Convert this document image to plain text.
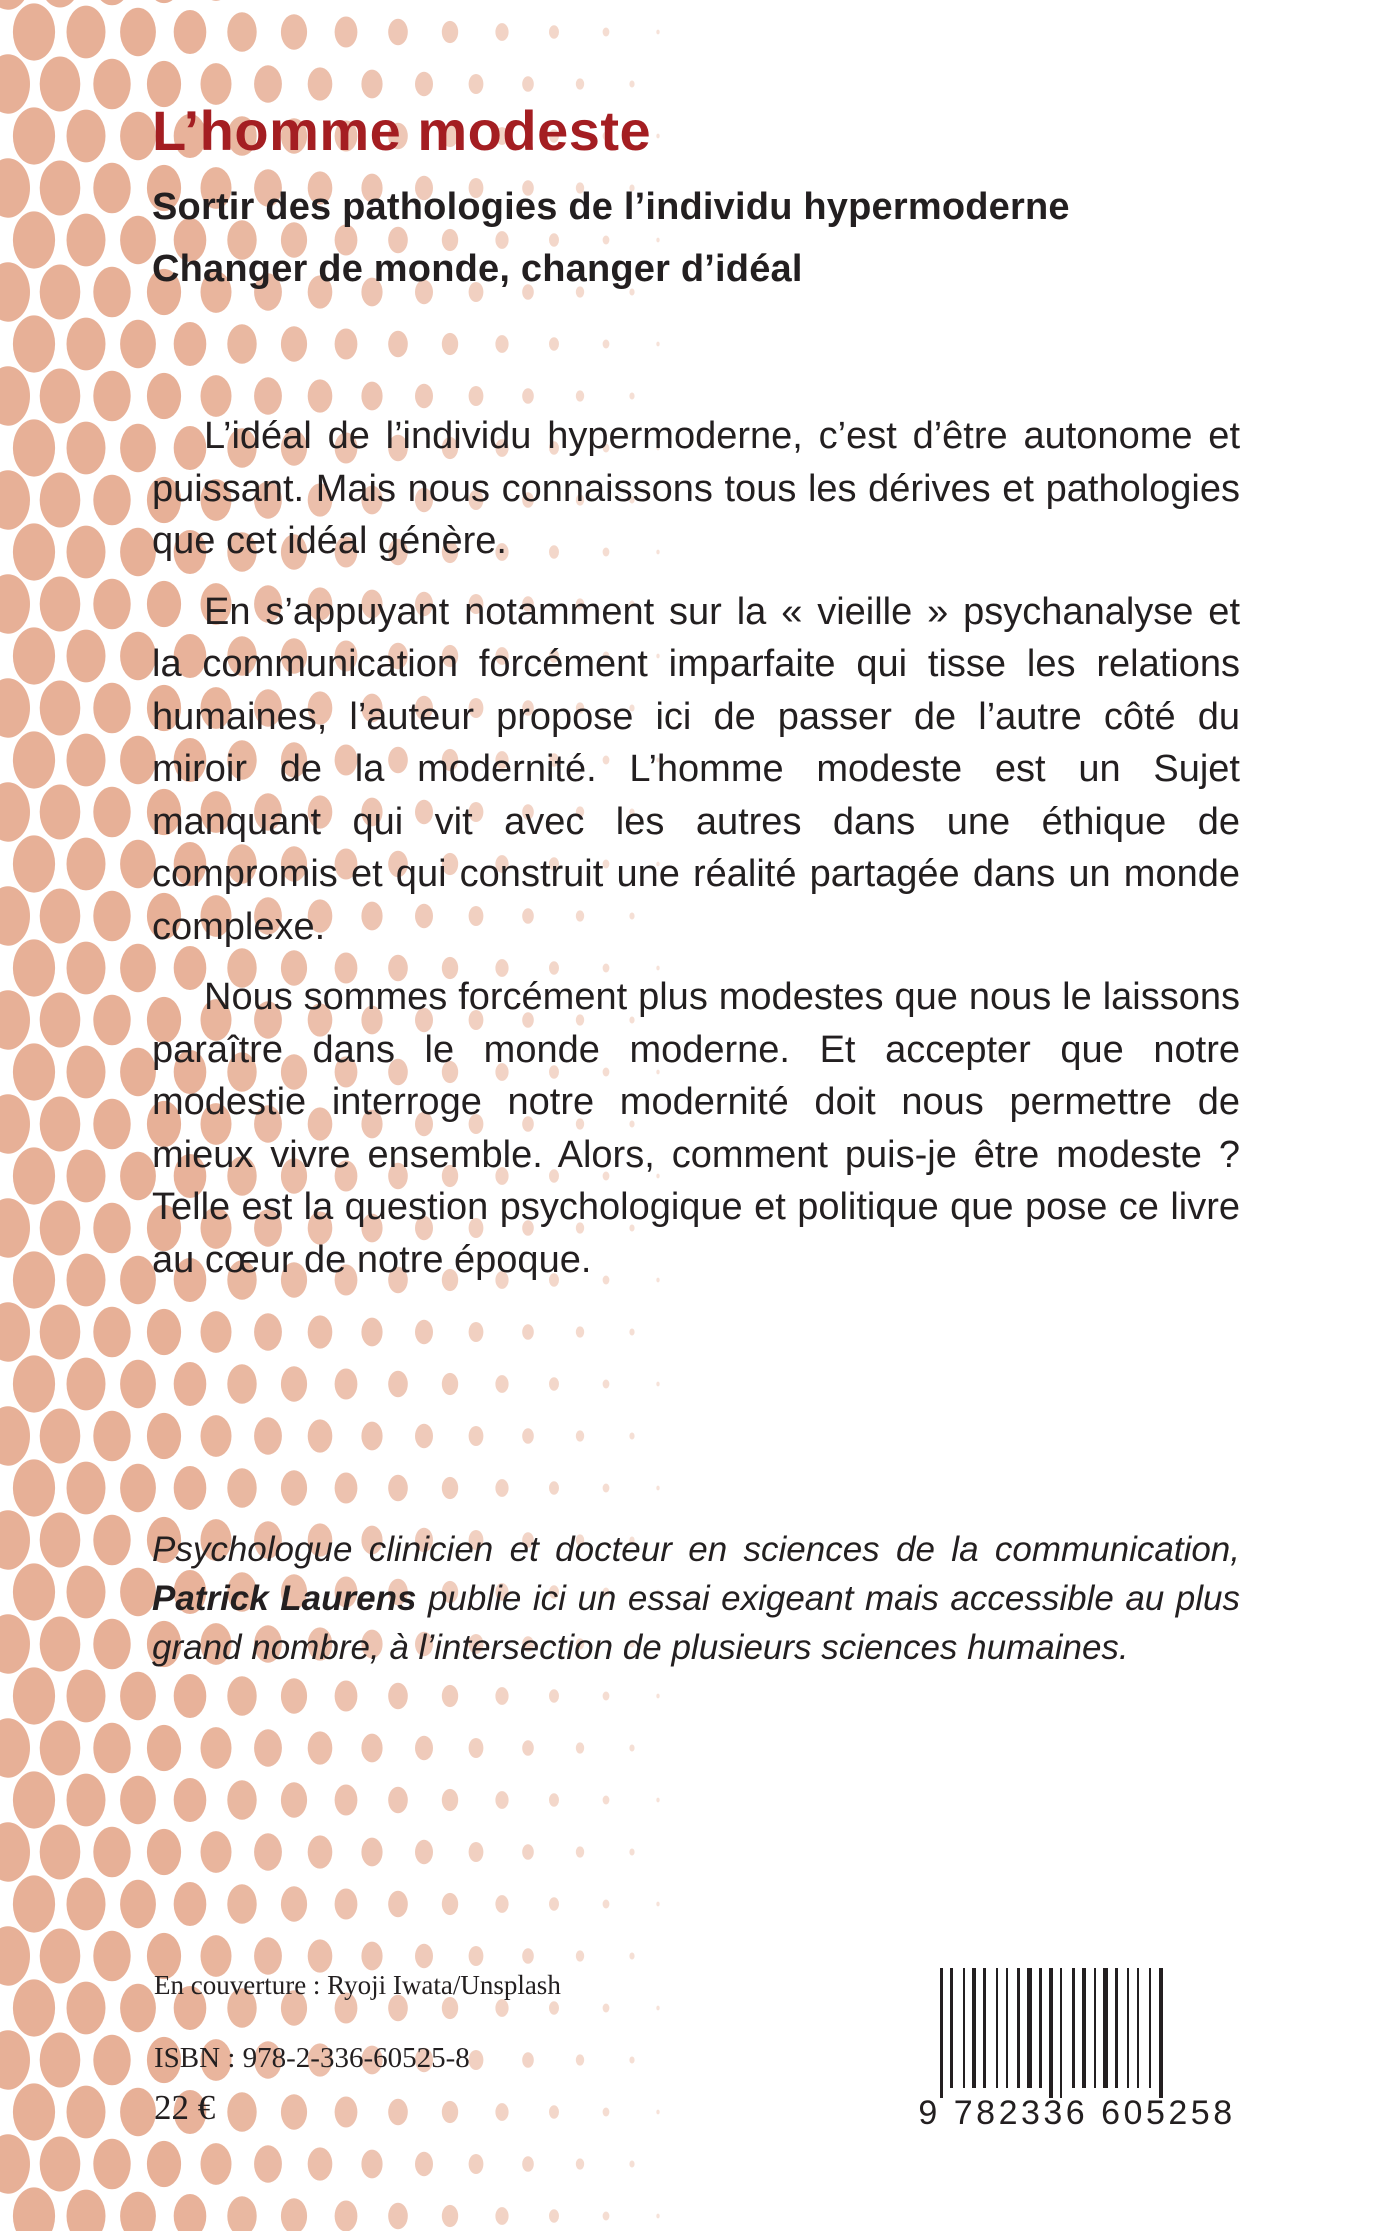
L’homme modeste
Sortir des pathologies de l’individu hypermoderne
Changer de monde, changer d’idéal

L’idéal de l’individu hypermoderne, c’est d’être autonome et puissant. Mais nous connaissons tous les dérives et pathologies que cet idéal génère.

En s’appuyant notamment sur la « vieille » psychanalyse et la communication forcément imparfaite qui tisse les relations humaines, l’auteur propose ici de passer de l’autre côté du miroir de la modernité. L’homme modeste est un Sujet manquant qui vit avec les autres dans une éthique de compromis et qui construit une réalité partagée dans un monde complexe.

Nous sommes forcément plus modestes que nous le laissons paraître dans le monde moderne. Et accepter que notre modestie interroge notre modernité doit nous permettre de mieux vivre ensemble. Alors, comment puis-je être modeste ? Telle est la question psychologique et politique que pose ce livre au cœur de notre époque.

Psychologue clinicien et docteur en sciences de la communication, Patrick Laurens publie ici un essai exigeant mais accessible au plus grand nombre, à l’intersection de plusieurs sciences humaines.
En couverture : Ryoji Iwata/Unsplash
ISBN : 978-2-336-60525-8
22 €	9 782336 605258
